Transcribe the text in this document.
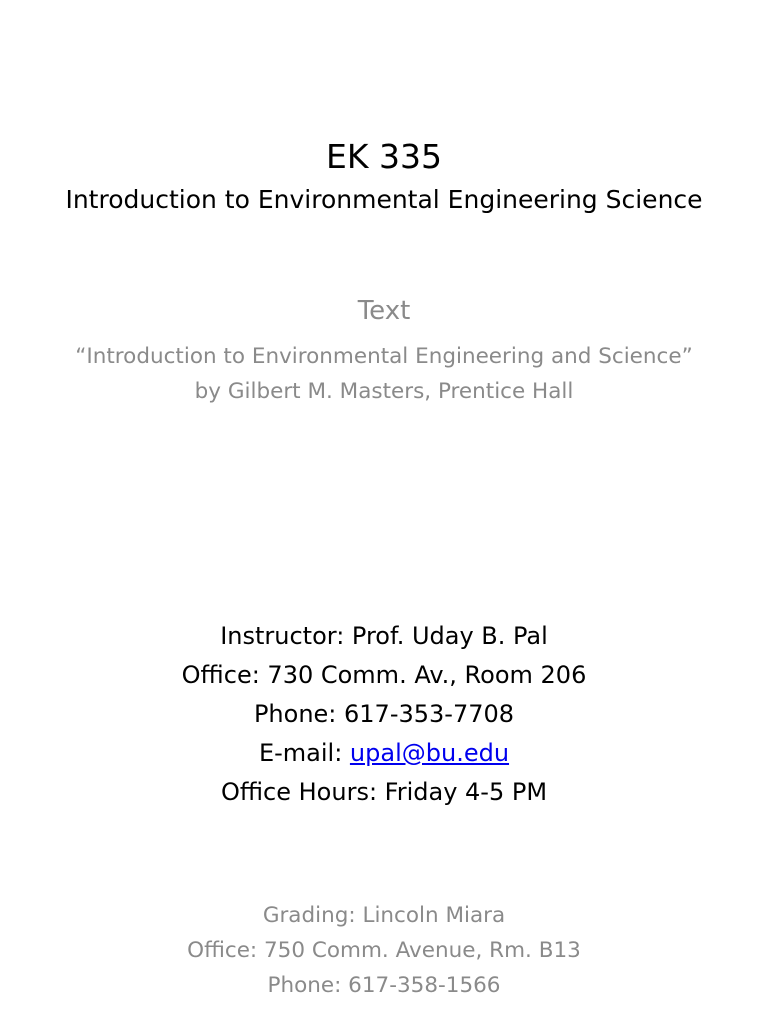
EK 335
Introduction to Environmental Engineering Science
Text
“Introduction to Environmental Engineering and Science”
by Gilbert M. Masters, Prentice Hall
Instructor: Prof. Uday B. Pal
Office: 730 Comm. Av., Room 206
Phone: 617-353-7708
E-mail: upal@bu.edu
Office Hours: Friday 4-5 PM
Grading: Lincoln Miara
Office: 750 Comm. Avenue, Rm. B13
Phone: 617-358-1566
